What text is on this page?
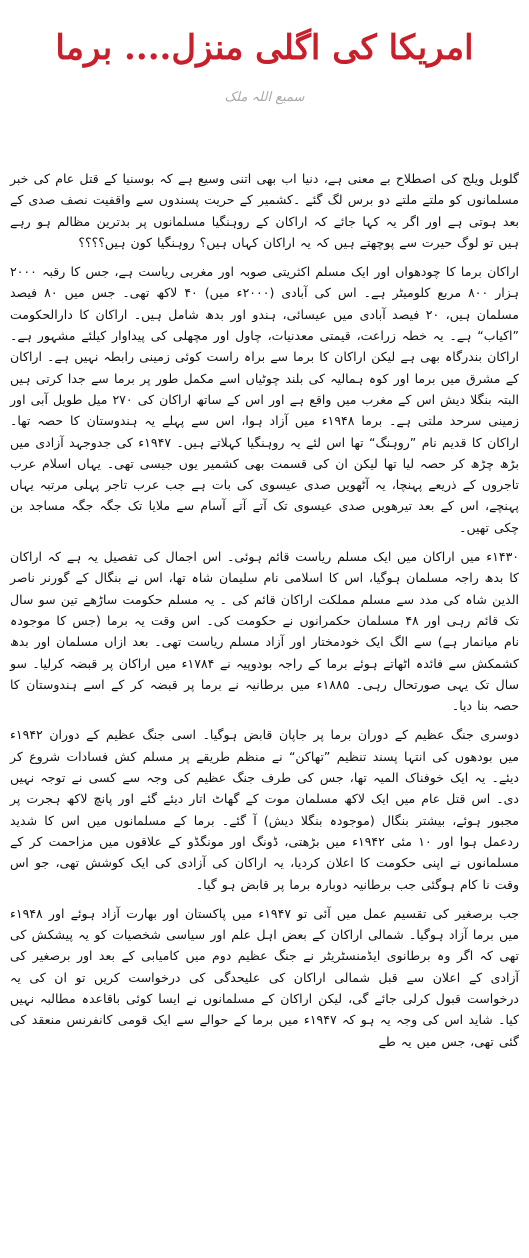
امریکا کی اگلی منزل.... برما
سمیع اللہ ملک

گلوبل ویلج کی اصطلاح بے معنی ہے، دنیا اب بھی اتنی وسیع ہے کہ بوسنیا کے قتل عام کی خبر مسلمانوں کو ملتے ملتے دو برس لگ گئے ۔کشمیر کے حریت پسندوں سے واقفیت نصف صدی کے بعد ہوتی ہے اور اگر یہ کہا جائے کہ اراکان کے روہنگیا مسلمانوں پر بدترین مظالم ہو رہے ہیں تو لوگ حیرت سے پوچھتے ہیں کہ یہ اراکان کہاں ہیں؟ روہنگیا کون ہیں؟؟؟؟

اراکان برما کا چودھواں اور ایک مسلم اکثریتی صوبہ اور مغربی ریاست ہے، جس کا رقبہ ۲۰۰۰ ہزار ۸۰۰ مربع کلومیٹر ہے۔ اس کی آبادی (۲۰۰۰ء میں) ۴۰ لاکھ تھی۔ جس میں ۸۰ فیصد مسلمان ہیں، ۲۰ فیصد آبادی میں عیسائی، ہندو اور بدھ شامل ہیں۔ اراکان کا دارالحکومت ”اکیاب“ ہے۔ یہ خطہ زراعت، قیمتی معدنیات، چاول اور مچھلی کی پیداوار کیلئے مشہور ہے۔ اراکان بندرگاہ بھی ہے لیکن اراکان کا برما سے براہ راست کوئی زمینی رابطہ نہیں ہے۔ اراکان کے مشرق میں برما اور کوہ ہمالیہ کی بلند چوٹیاں اسے مکمل طور پر برما سے جدا کرتی ہیں البتہ بنگلا دیش اس کے مغرب میں واقع ہے اور اس کے ساتھ اراکان کی ۲۷۰ میل طویل آبی اور زمینی سرحد ملتی ہے۔ برما ۱۹۴۸ء میں آزاد ہوا، اس سے پہلے یہ ہندوستان کا حصہ تھا۔ اراکان کا قدیم نام ”روہنگ“ تھا اس لئے یہ روہنگیا کہلاتے ہیں۔ ۱۹۴۷ء کی جدوجہد آزادی میں بڑھ چڑھ کر حصہ لیا تھا لیکن ان کی قسمت بھی کشمیر یوں جیسی تھی۔ یہاں اسلام عرب تاجروں کے ذریعے پہنچا، یہ آٹھویں صدی عیسوی کی بات ہے جب عرب تاجر پہلی مرتبہ یہاں پہنچے، اس کے بعد تیرھویں صدی عیسوی تک آتے آتے آسام سے ملایا تک جگہ جگہ مساجد بن چکی تھیں۔

۱۴۳۰ء میں اراکان میں ایک مسلم ریاست قائم ہوئی۔ اس اجمال کی تفصیل یہ ہے کہ اراکان کا بدھ راجہ مسلمان ہوگیا، اس کا اسلامی نام سلیمان شاہ تھا، اس نے بنگال کے گورنر ناصر الدین شاہ کی مدد سے مسلم مملکت اراکان قائم کی ۔ یہ مسلم حکومت ساڑھے تین سو سال تک قائم رہی اور ۴۸ مسلمان حکمرانوں نے حکومت کی۔ اس وقت یہ برما (جس کا موجودہ نام میانمار ہے) سے الگ ایک خودمختار اور آزاد مسلم ریاست تھی۔ بعد ازاں مسلمان اور بدھ کشمکش سے فائدہ اٹھاتے ہوئے برما کے راجہ بودوپیہ نے ۱۷۸۴ء میں اراکان پر قبضہ کرلیا۔ سو سال تک یہی صورتحال رہی۔ ۱۸۸۵ء میں برطانیہ نے برما پر قبضہ کر کے اسے ہندوستان کا حصہ بنا دیا۔

دوسری جنگ عظیم کے دوران برما پر جاپان قابض ہوگیا۔ اسی جنگ عظیم کے دوران ۱۹۴۲ء میں بودھوں کی انتہا پسند تنظیم ”تھاکن“ نے منظم طریقے پر مسلم کش فسادات شروع کر دیئے۔ یہ ایک خوفناک المیہ تھا، جس کی طرف جنگ عظیم کی وجہ سے کسی نے توجہ نہیں دی۔ اس قتل عام میں ایک لاکھ مسلمان موت کے گھاٹ اتار دیئے گئے اور پانچ لاکھ ہجرت پر مجبور ہوئے، بیشتر بنگال (موجودہ بنگلا دیش) آ گئے۔ برما کے مسلمانوں میں اس کا شدید ردعمل ہوا اور ۱۰ مئی ۱۹۴۲ء میں بڑھتی، ڈونگ اور مونگڈو کے علاقوں میں مزاحمت کر کے مسلمانوں نے اپنی حکومت کا اعلان کردیا، یہ اراکان کی آزادی کی ایک کوشش تھی، جو اس وقت نا کام ہوگئی جب برطانیہ دوبارہ برما پر قابض ہو گیا۔

جب برصغیر کی تقسیم عمل میں آئی تو ۱۹۴۷ء میں پاکستان اور بھارت آزاد ہوئے اور ۱۹۴۸ء میں برما آزاد ہوگیا۔ شمالی اراکان کے بعض اہل علم اور سیاسی شخصیات کو یہ پیشکش کی تھی کہ اگر وہ برطانوی ایڈمنسٹریٹر نے جنگ عظیم دوم میں کامیابی کے بعد اور برصغیر کی آزادی کے اعلان سے قبل شمالی اراکان کی علیحدگی کی درخواست کریں تو ان کی یہ درخواست قبول کرلی جائے گی، لیکن اراکان کے مسلمانوں نے ایسا کوئی باقاعدہ مطالبہ نہیں کیا۔ شاید اس کی وجہ یہ ہو کہ ۱۹۴۷ء میں برما کے حوالے سے ایک قومی کانفرنس منعقد کی گئی تھی، جس میں یہ طے
